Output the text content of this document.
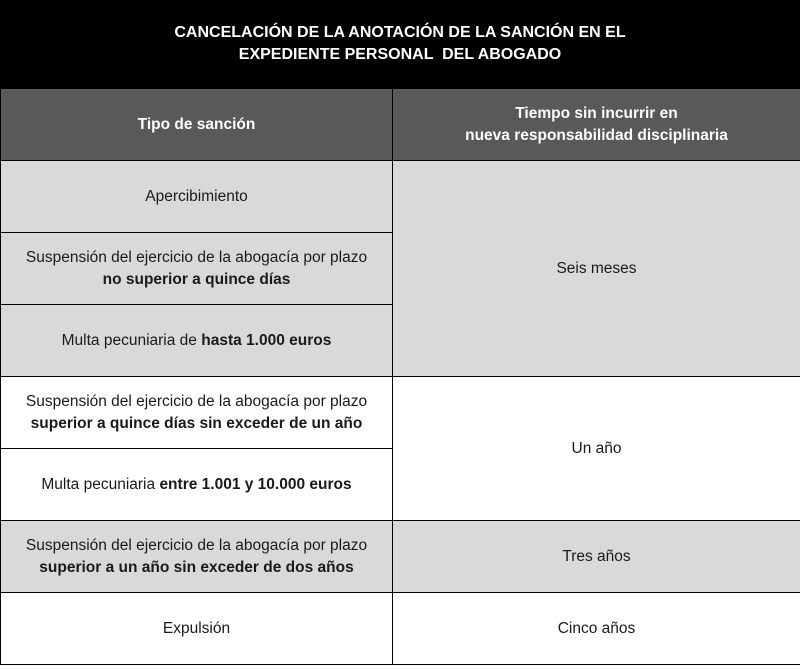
CANCELACIÓN DE LA ANOTACIÓN DE LA SANCIÓN EN EL
EXPEDIENTE PERSONAL  DEL ABOGADO
Tipo de sanción	Tiempo sin incurrir en
nueva responsabilidad disciplinaria

Apercibimiento	Seis meses

Suspensión del ejercicio de la abogacía por plazo
no superior a quince días	

Multa pecuniaria de hasta 1.000 euros	

Suspensión del ejercicio de la abogacía por plazo
superior a quince días sin exceder de un año	Un año
Multa pecuniaria entre 1.001 y 10.000 euros	

Suspensión del ejercicio de la abogacía por plazo
superior a un año sin exceder de dos años	Tres años
Expulsión	Cinco años
